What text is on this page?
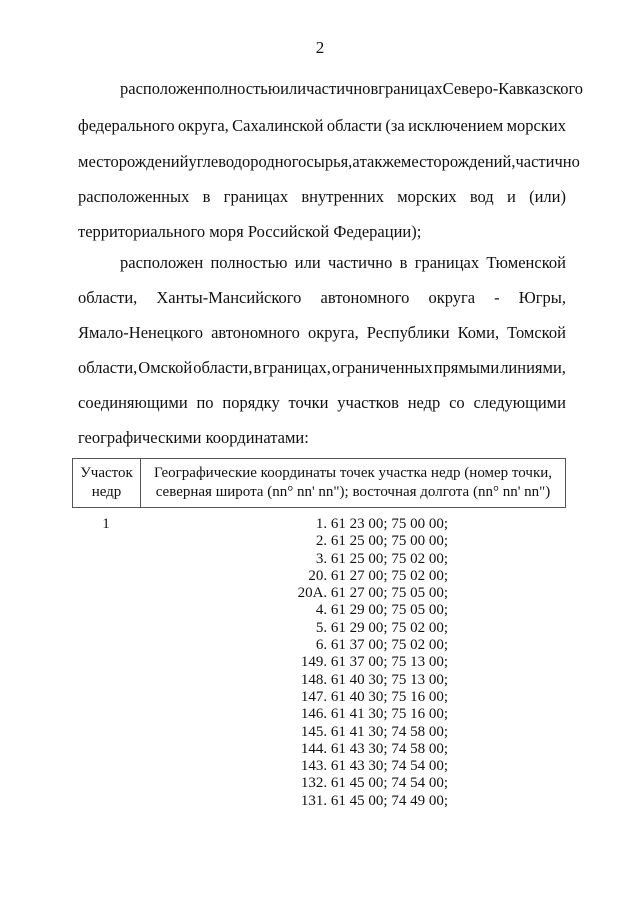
2
расположен полностью или частично в границах Северо-Кавказского
федерального округа, Сахалинской области (за исключением морских
месторождений углеводородного сырья, а также месторождений, частично
расположенных в границах внутренних морских вод и (или)
территориального моря Российской Федерации);
расположен полностью или частично в границах Тюменской
области, Ханты-Мансийского автономного округа - Югры,
Ямало-Ненецкого автономного округа, Республики Коми, Томской
области, Омской области, в границах, ограниченных прямыми линиями,
соединяющими по порядку точки участков недр со следующими
географическими координатами:
Участок
недр
Географические координаты точек участка недр (номер точки,
северная широта (nn° nn' nn"); восточная долгота (nn° nn' nn")
1	1. 61 23 00; 75 00 00;
2. 61 25 00; 75 00 00;
3. 61 25 00; 75 02 00;
20. 61 27 00; 75 02 00;
20А. 61 27 00; 75 05 00;
4. 61 29 00; 75 05 00;
5. 61 29 00; 75 02 00;
6. 61 37 00; 75 02 00;
149. 61 37 00; 75 13 00;
148. 61 40 30; 75 13 00;
147. 61 40 30; 75 16 00;
146. 61 41 30; 75 16 00;
145. 61 41 30; 74 58 00;
144. 61 43 30; 74 58 00;
143. 61 43 30; 74 54 00;
132. 61 45 00; 74 54 00;
131. 61 45 00; 74 49 00;
